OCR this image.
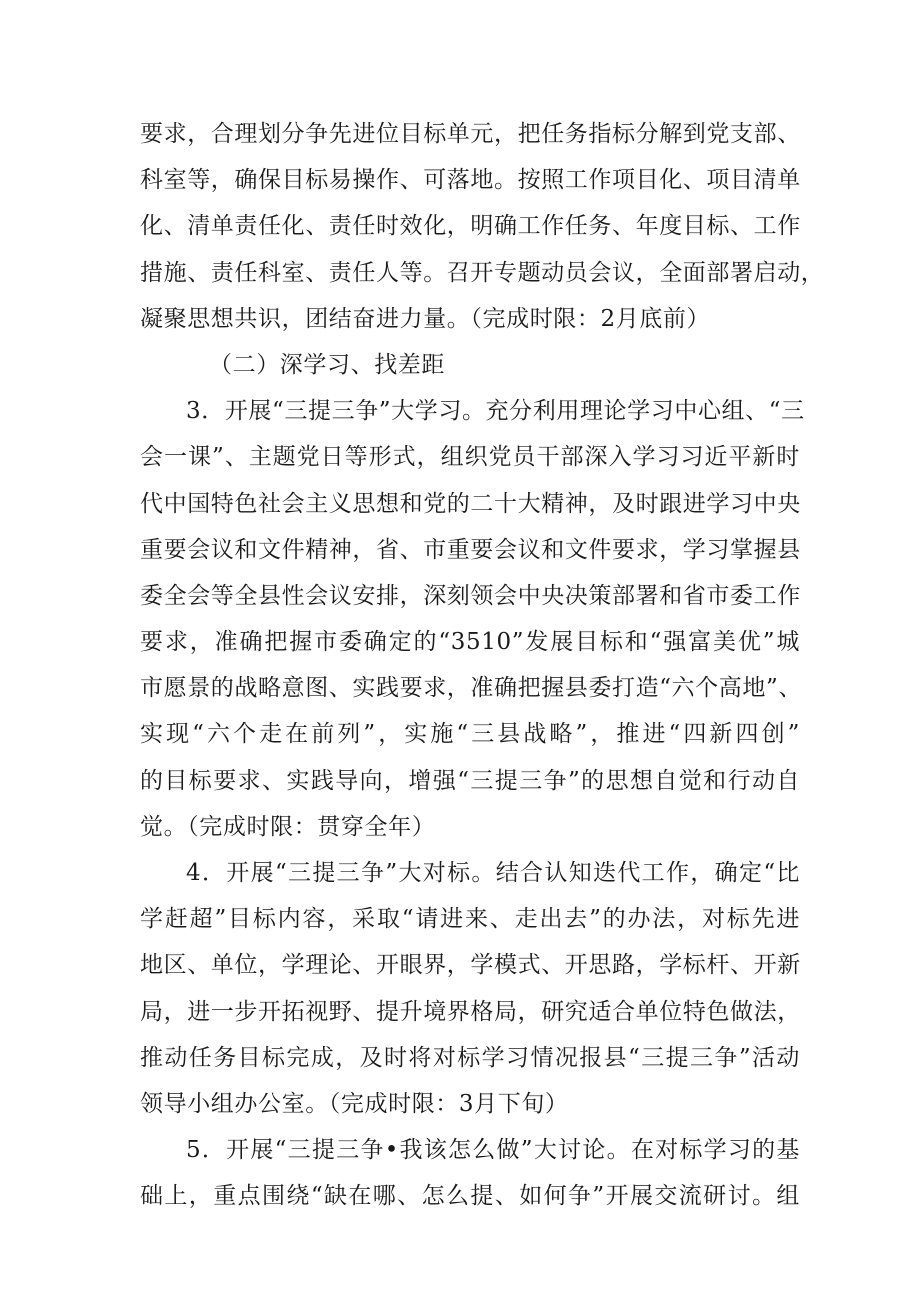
要求，合理划分争先进位目标单元，把任务指标分解到党支部、
科室等，确保目标易操作、可落地。按照工作项目化、项目清单
化、清单责任化、责任时效化，明确工作任务、年度目标、工作
措施、责任科室、责任人等。召开专题动员会议，全面部署启动，
凝聚思想共识，团结奋进力量。（完成时限：2月底前）
（二）深学习、找差距
3．开展“三提三争”大学习。充分利用理论学习中心组、“三
会一课”、主题党日等形式，组织党员干部深入学习习近平新时
代中国特色社会主义思想和党的二十大精神，及时跟进学习中央
重要会议和文件精神，省、市重要会议和文件要求，学习掌握县
委全会等全县性会议安排，深刻领会中央决策部署和省市委工作
要求，准确把握市委确定的“3510”发展目标和“强富美优”城
市愿景的战略意图、实践要求，准确把握县委打造“六个高地”、
实现“六个走在前列”，实施“三县战略”，推进“四新四创”
的目标要求、实践导向，增强“三提三争”的思想自觉和行动自
觉。（完成时限：贯穿全年）
4．开展“三提三争”大对标。结合认知迭代工作，确定“比
学赶超”目标内容，采取“请进来、走出去”的办法，对标先进
地区、单位，学理论、开眼界，学模式、开思路，学标杆、开新
局，进一步开拓视野、提升境界格局，研究适合单位特色做法，
推动任务目标完成，及时将对标学习情况报县“三提三争”活动
领导小组办公室。（完成时限：3月下旬）
5．开展“三提三争•我该怎么做”大讨论。在对标学习的基
础上，重点围绕“缺在哪、怎么提、如何争”开展交流研讨。组
